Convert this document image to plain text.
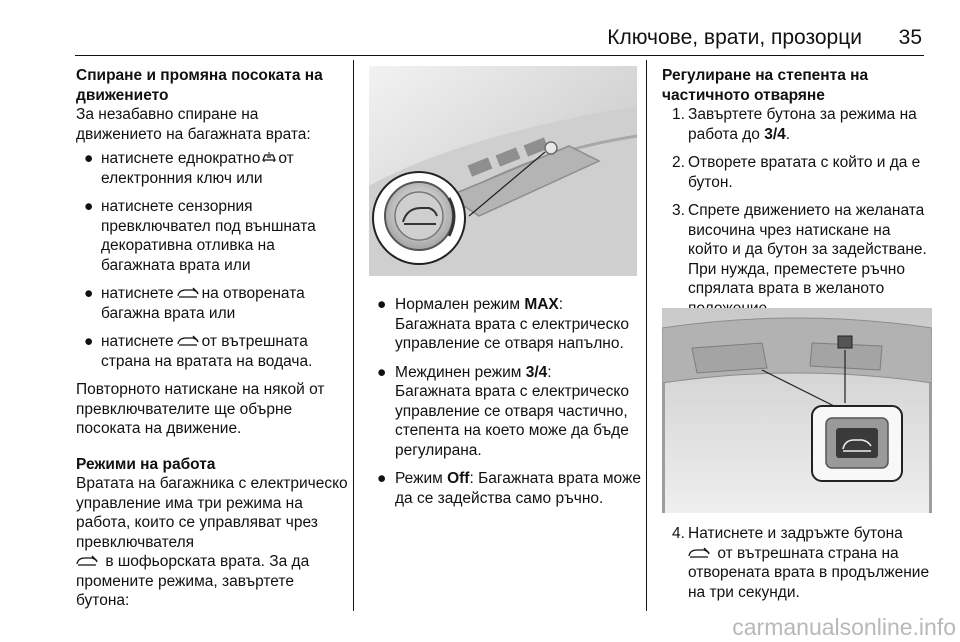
Ключове, врати, прозорци 35

Спиране и промяна посоката на движението

За незабавно спиране на движението на багажната врата:

● натиснете еднократно от електронния ключ или
● натиснете сензорния превключвател под външната декоративна отливка на багажната врата или
● натиснете на отворената багажна врата или
● натиснете от вътрешната страна на вратата на водача.

Повторното натискане на някой от превключвателите ще обърне посоката на движение.

Режими на работа

Вратата на багажника с електрическо управление има три режима на работа, които се управляват чрез превключвателя

в шофьорската врата. За да промените режима, завъртете бутона:

● Нормален режим MAX:
Багажната врата с електрическо управление се отваря напълно.
● Междинен режим 3/4:
Багажната врата с електрическо управление се отваря частично, степента на което може да бъде регулирана.
● Режим Off: Багажната врата може да се задейства само ръчно.

Регулиране на степента на частичното отваряне

1. Завъртете бутона за режима на работа до 3/4.
2. Отворете вратата с който и да е бутон.
3. Спрете движението на желаната височина чрез натискане на който и да бутон за задействане. При нужда, преместете ръчно спрялата врата в желаното
4. Натиснете и задръжте бутона

от вътрешната страна на отворената врата в продължение на три секунди.
carmanualsonline.info
